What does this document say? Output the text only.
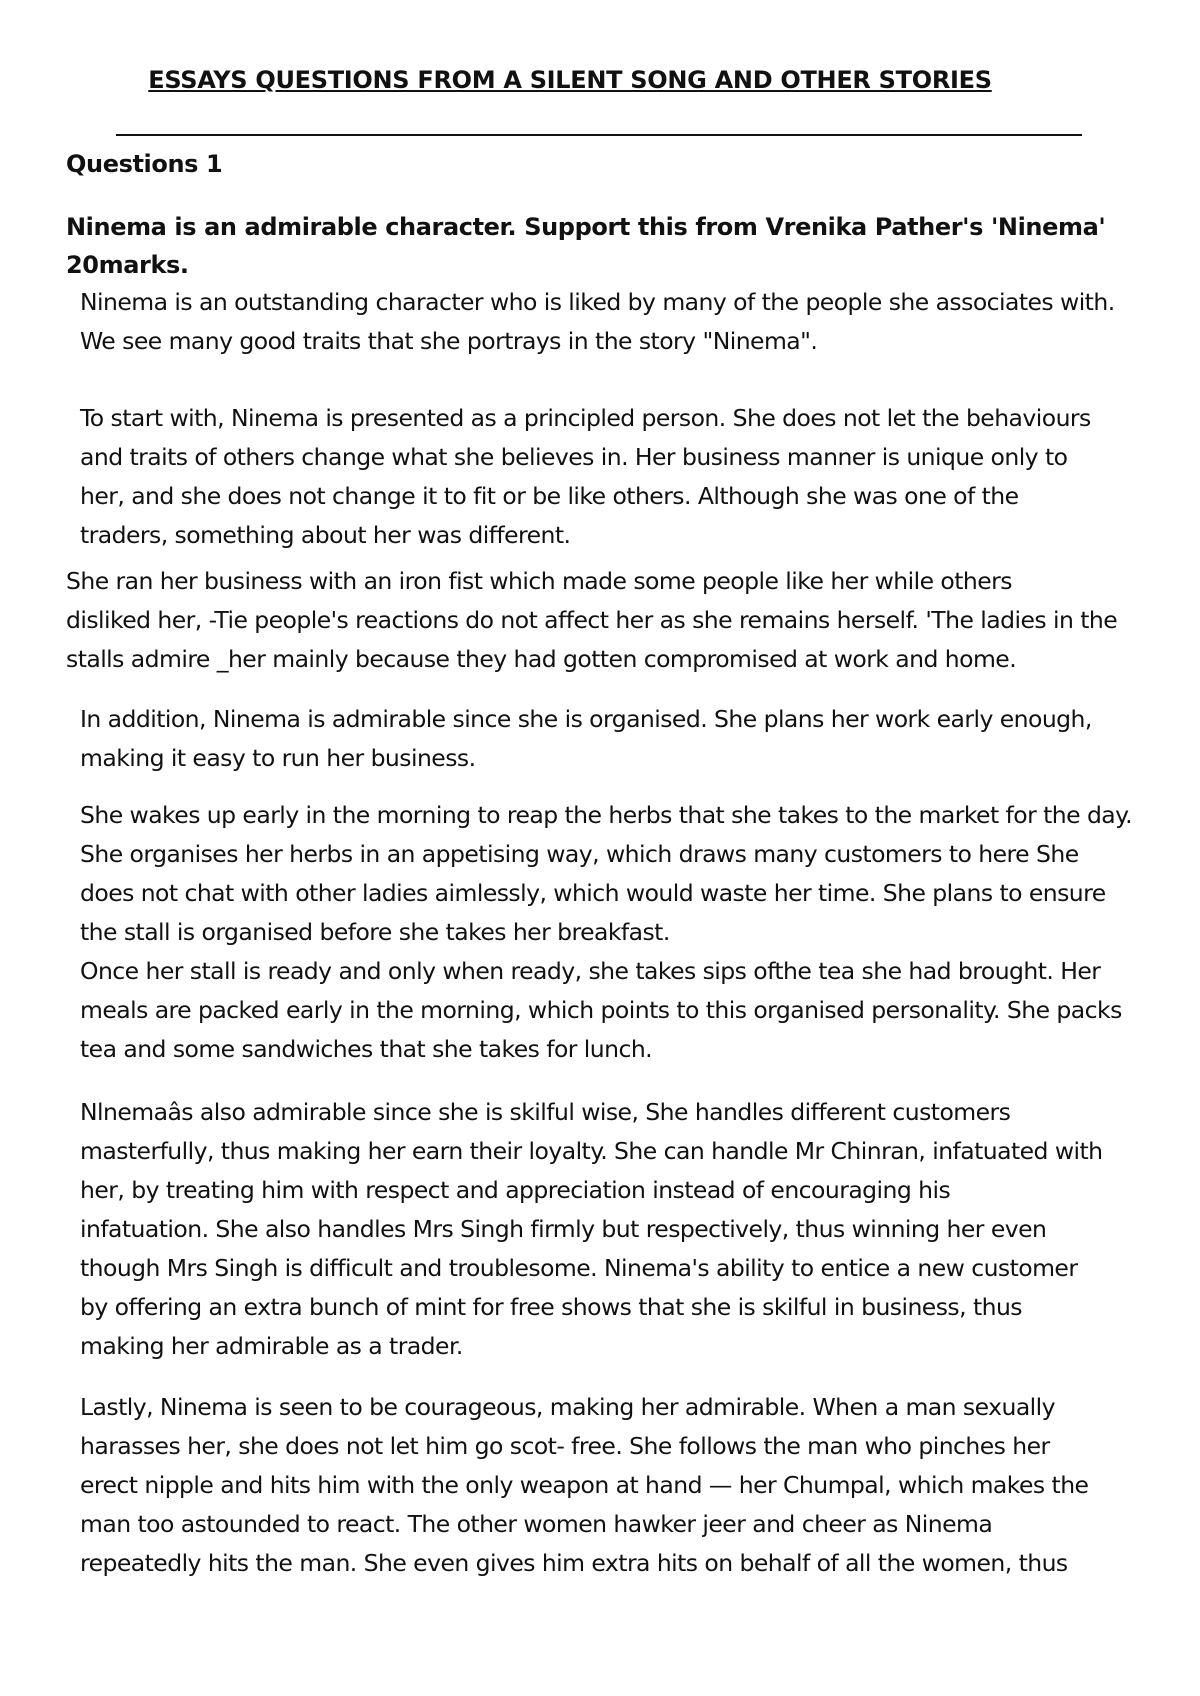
ESSAYS QUESTIONS FROM A SILENT SONG AND OTHER STORIES
Questions 1
Ninema is an admirable character. Support this from Vrenika Pather's 'Ninema' 20marks.

Ninema is an outstanding character who is liked by many of the people she associates with.
We see many good traits that she portrays in the story "Ninema".

To start with, Ninema is presented as a principled person. She does not let the behaviours
and traits of others change what she believes in. Her business manner is unique only to
her, and she does not change it to fit or be like others. Although she was one of the
traders, something about her was different.

She ran her business with an iron fist which made some people like her while others
disliked her, -Tie people's reactions do not affect her as she remains herself. 'The ladies in the
stalls admire _her mainly because they had gotten compromised at work and home.

In addition, Ninema is admirable since she is organised. She plans her work early enough,
making it easy to run her business.

She wakes up early in the morning to reap the herbs that she takes to the market for the day.
She organises her herbs in an appetising way, which draws many customers to here She
does not chat with other ladies aimlessly, which would waste her time. She plans to ensure
the stall is organised before she takes her breakfast.
Once her stall is ready and only when ready, she takes sips ofthe tea she had brought. Her
meals are packed early in the morning, which points to this organised personality. She packs
tea and some sandwiches that she takes for lunch.

Nlnemaâs also admirable since she is skilful wise, She handles different customers
masterfully, thus making her earn their loyalty. She can handle Mr Chinran, infatuated with
her, by treating him with respect and appreciation instead of encouraging his
infatuation. She also handles Mrs Singh firmly but respectively, thus winning her even
though Mrs Singh is difficult and troublesome. Ninema's ability to entice a new customer
by offering an extra bunch of mint for free shows that she is skilful in business, thus
making her admirable as a trader.

Lastly, Ninema is seen to be courageous, making her admirable. When a man sexually
harasses her, she does not let him go scot- free. She follows the man who pinches her
erect nipple and hits him with the only weapon at hand — her Chumpal, which makes the
man too astounded to react. The other women hawker jeer and cheer as Ninema
repeatedly hits the man. She even gives him extra hits on behalf of all the women, thus
